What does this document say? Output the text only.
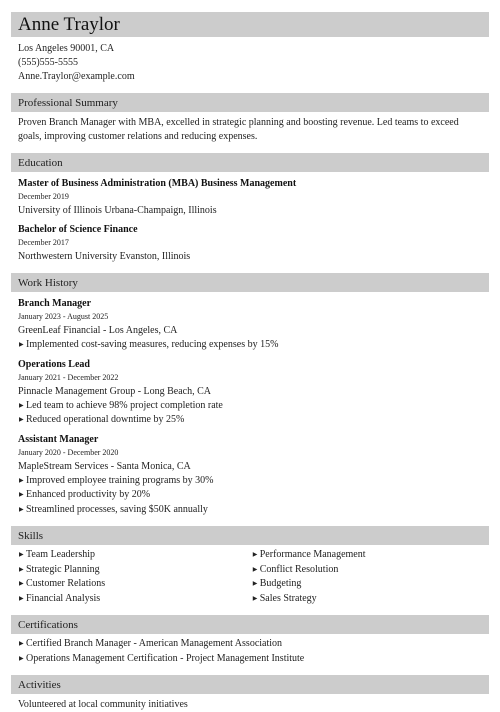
Anne Traylor
Los Angeles 90001, CA
(555)555-5555
Anne.Traylor@example.com
Professional Summary
Proven Branch Manager with MBA, excelled in strategic planning and boosting revenue. Led teams to exceed goals, improving customer relations and reducing expenses.
Education
Master of Business Administration (MBA) Business Management
December 2019
University of Illinois Urbana-Champaign, Illinois
Bachelor of Science Finance
December 2017
Northwestern University Evanston, Illinois
Work History
Branch Manager
January 2023 - August 2025
GreenLeaf Financial - Los Angeles, CA
▶ Implemented cost-saving measures, reducing expenses by 15%
Operations Lead
January 2021 - December 2022
Pinnacle Management Group - Long Beach, CA
▶ Led team to achieve 98% project completion rate
▶ Reduced operational downtime by 25%
Assistant Manager
January 2020 - December 2020
MapleStream Services - Santa Monica, CA
▶ Improved employee training programs by 30%
▶ Enhanced productivity by 20%
▶ Streamlined processes, saving $50K annually
Skills
▶ Team Leadership
▶ Strategic Planning
▶ Customer Relations
▶ Financial Analysis
▶ Performance Management
▶ Conflict Resolution
▶ Budgeting
▶ Sales Strategy
Certifications
▶ Certified Branch Manager - American Management Association
▶ Operations Management Certification - Project Management Institute
Activities
Volunteered at local community initiatives
